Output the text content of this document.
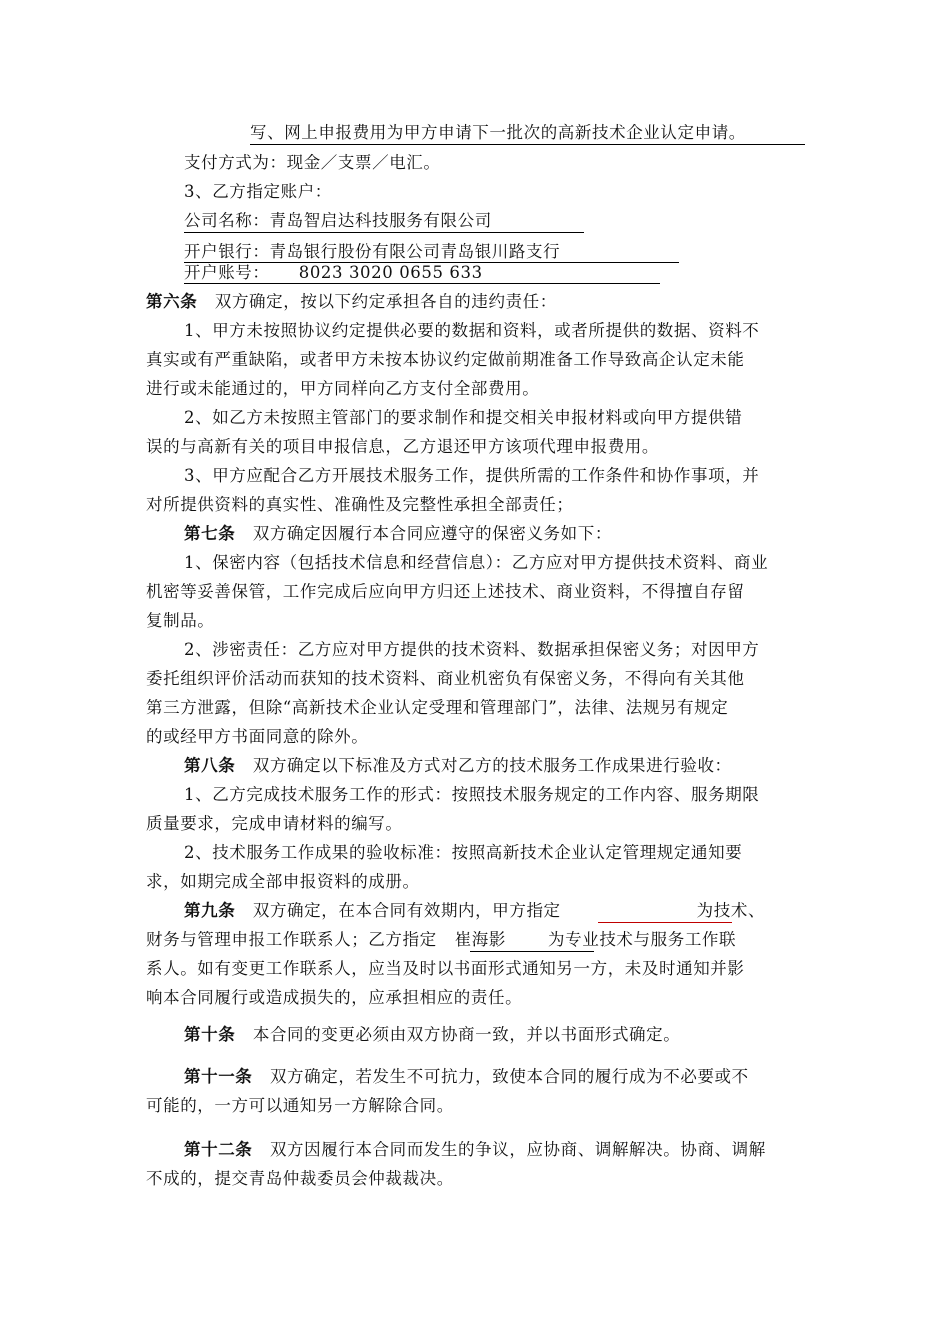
写、网上申报费用为甲方申请下一批次的高新技术企业认定申请。
支付方式为：现金／支票／电汇。
3、乙方指定账户：
公司名称：青岛智启达科技服务有限公司
开户银行：青岛银行股份有限公司青岛银川路支行
开户账号：     8023 3020 0655 633
第六条 双方确定，按以下约定承担各自的违约责任：
1、甲方未按照协议约定提供必要的数据和资料，或者所提供的数据、资料不
真实或有严重缺陷，或者甲方未按本协议约定做前期准备工作导致高企认定未能
进行或未能通过的，甲方同样向乙方支付全部费用。
2、如乙方未按照主管部门的要求制作和提交相关申报材料或向甲方提供错
误的与高新有关的项目申报信息，乙方退还甲方该项代理申报费用。
3、甲方应配合乙方开展技术服务工作，提供所需的工作条件和协作事项，并
对所提供资料的真实性、准确性及完整性承担全部责任；
第七条 双方确定因履行本合同应遵守的保密义务如下：
1、保密内容（包括技术信息和经营信息）：乙方应对甲方提供技术资料、商业
机密等妥善保管，工作完成后应向甲方归还上述技术、商业资料，不得擅自存留
复制品。
2、涉密责任：乙方应对甲方提供的技术资料、数据承担保密义务；对因甲方
委托组织评价活动而获知的技术资料、商业机密负有保密义务，不得向有关其他
第三方泄露，但除“高新技术企业认定受理和管理部门”，法律、法规另有规定
的或经甲方书面同意的除外。
第八条 双方确定以下标准及方式对乙方的技术服务工作成果进行验收：
1、乙方完成技术服务工作的形式：按照技术服务规定的工作内容、服务期限
质量要求，完成申请材料的编写。
2、技术服务工作成果的验收标准：按照高新技术企业认定管理规定通知要
求，如期完成全部申报资料的成册。
第九条 双方确定，在本合同有效期内，甲方指定	为技术、
财务与管理申报工作联系人；乙方指定 崔海影	为专业技术与服务工作联
系人。如有变更工作联系人，应当及时以书面形式通知另一方，未及时通知并影
响本合同履行或造成损失的，应承担相应的责任。
第十条 本合同的变更必须由双方协商一致，并以书面形式确定。
第十一条 双方确定，若发生不可抗力，致使本合同的履行成为不必要或不
可能的，一方可以通知另一方解除合同。
第十二条 双方因履行本合同而发生的争议，应协商、调解解决。协商、调解
不成的，提交青岛仲裁委员会仲裁裁决。
